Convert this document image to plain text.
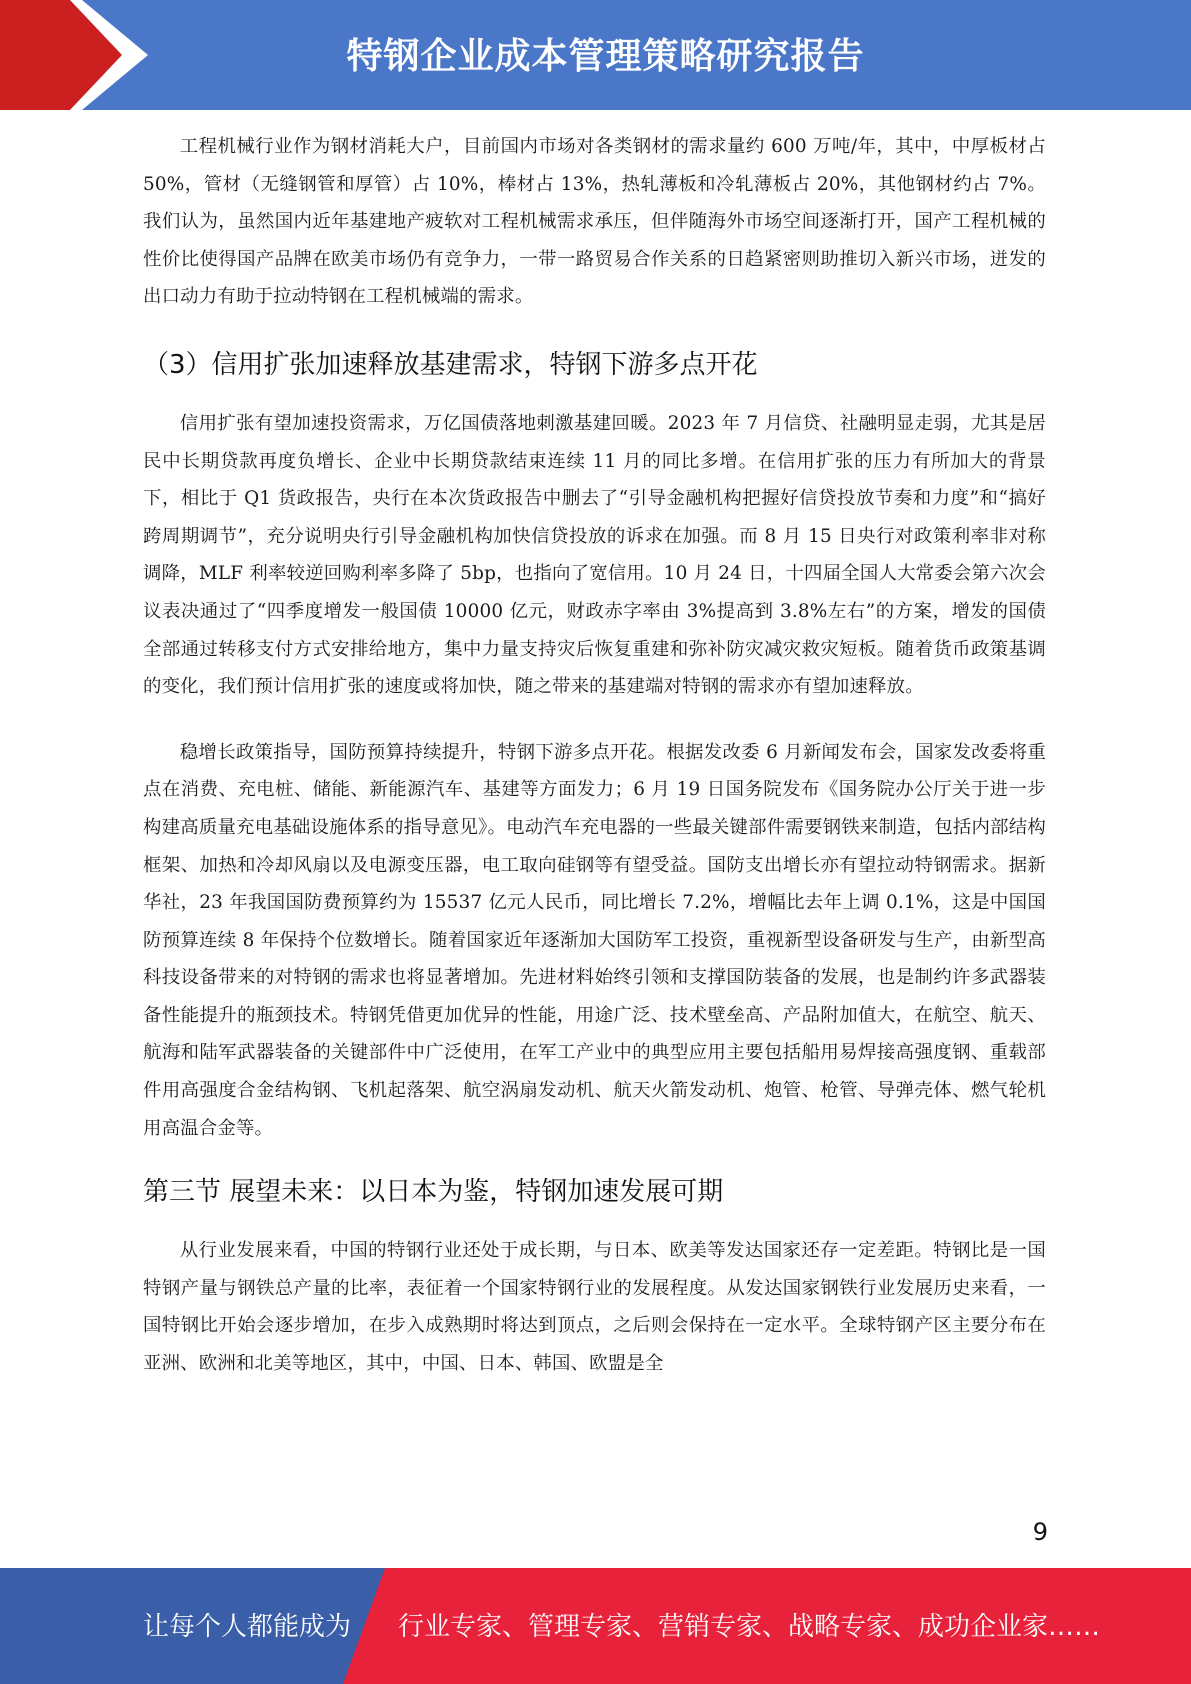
特钢企业成本管理策略研究报告

工程机械行业作为钢材消耗大户，目前国内市场对各类钢材的需求量约 600 万吨/年，其中，中厚板材占 50%，管材（无缝钢管和厚管）占 10%，棒材占 13%，热轧薄板和冷轧薄板占 20%，其他钢材约占 7%。我们认为，虽然国内近年基建地产疲软对工程机械需求承压，但伴随海外市场空间逐渐打开，国产工程机械的性价比使得国产品牌在欧美市场仍有竞争力，一带一路贸易合作关系的日趋紧密则助推切入新兴市场，迸发的出口动力有助于拉动特钢在工程机械端的需求。

（3）信用扩张加速释放基建需求，特钢下游多点开花

信用扩张有望加速投资需求，万亿国债落地刺激基建回暖。2023 年 7 月信贷、社融明显走弱，尤其是居民中长期贷款再度负增长、企业中长期贷款结束连续 11 月的同比多增。在信用扩张的压力有所加大的背景下，相比于 Q1 货政报告，央行在本次货政报告中删去了“引导金融机构把握好信贷投放节奏和力度”和“搞好跨周期调节”，充分说明央行引导金融机构加快信贷投放的诉求在加强。而 8 月 15 日央行对政策利率非对称调降，MLF 利率较逆回购利率多降了 5bp，也指向了宽信用。10 月 24 日，十四届全国人大常委会第六次会议表决通过了“四季度增发一般国债 10000 亿元，财政赤字率由 3%提高到 3.8%左右”的方案，增发的国债全部通过转移支付方式安排给地方，集中力量支持灾后恢复重建和弥补防灾减灾救灾短板。随着货币政策基调的变化，我们预计信用扩张的速度或将加快，随之带来的基建端对特钢的需求亦有望加速释放。

稳增长政策指导，国防预算持续提升，特钢下游多点开花。根据发改委 6 月新闻发布会，国家发改委将重点在消费、充电桩、储能、新能源汽车、基建等方面发力；6 月 19 日国务院发布《国务院办公厅关于进一步构建高质量充电基础设施体系的指导意见》。电动汽车充电器的一些最关键部件需要钢铁来制造，包括内部结构框架、加热和冷却风扇以及电源变压器，电工取向硅钢等有望受益。国防支出增长亦有望拉动特钢需求。据新华社，23 年我国国防费预算约为 15537 亿元人民币，同比增长 7.2%，增幅比去年上调 0.1%，这是中国国防预算连续 8 年保持个位数增长。随着国家近年逐渐加大国防军工投资，重视新型设备研发与生产，由新型高科技设备带来的对特钢的需求也将显著增加。先进材料始终引领和支撑国防装备的发展，也是制约许多武器装备性能提升的瓶颈技术。特钢凭借更加优异的性能，用途广泛、技术壁垒高、产品附加值大，在航空、航天、航海和陆军武器装备的关键部件中广泛使用，在军工产业中的典型应用主要包括船用易焊接高强度钢、重载部件用高强度合金结构钢、飞机起落架、航空涡扇发动机、航天火箭发动机、炮管、枪管、导弹壳体、燃气轮机用高温合金等。

第三节 展望未来：以日本为鉴，特钢加速发展可期

从行业发展来看，中国的特钢行业还处于成长期，与日本、欧美等发达国家还存一定差距。特钢比是一国特钢产量与钢铁总产量的比率，表征着一个国家特钢行业的发展程度。从发达国家钢铁行业发展历史来看，一国特钢比开始会逐步增加，在步入成熟期时将达到顶点，之后则会保持在一定水平。全球特钢产区主要分布在亚洲、欧洲和北美等地区，其中，中国、日本、韩国、欧盟是全

9
让每个人都能成为 行业专家、管理专家、营销专家、战略专家、成功企业家……
